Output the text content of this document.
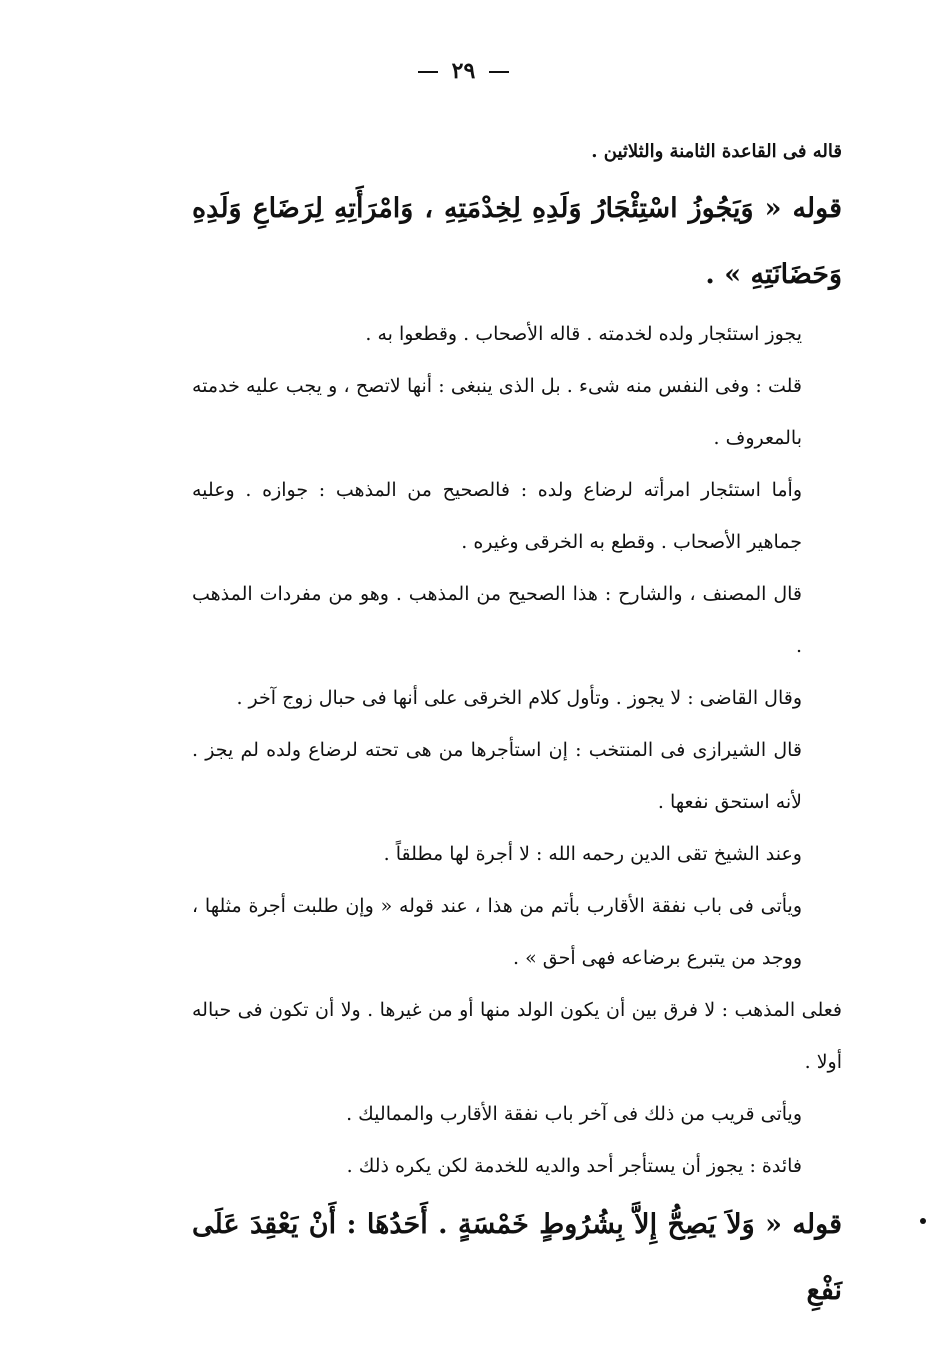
٢٩

قاله فى القاعدة الثامنة والثلاثين .

قوله « وَيَجُوزُ اسْتِئْجَارُ وَلَدِهِ لِخِدْمَتِهِ ، وَامْرَأَتِهِ لِرَضَاعِ وَلَدِهِ وَحَضَانَتِهِ » .

يجوز استئجار ولده لخدمته . قاله الأصحاب . وقطعوا به .

قلت : وفى النفس منه شىء . بل الذى ينبغى : أنها لاتصح ، و يجب عليه خدمته بالمعروف .

وأما استئجار امرأته لرضاع ولده : فالصحيح من المذهب : جوازه . وعليه جماهير الأصحاب . وقطع به الخرقى وغيره .

قال المصنف ، والشارح : هذا الصحيح من المذهب . وهو من مفردات المذهب .

وقال القاضى : لا يجوز . وتأول كلام الخرقى على أنها فى حبال زوج آخر .

قال الشيرازى فى المنتخب : إن استأجرها من هى تحته لرضاع ولده لم يجز . لأنه استحق نفعها .

وعند الشيخ تقى الدين رحمه الله : لا أجرة لها مطلقاً .

ويأتى فى باب نفقة الأقارب بأتم من هذا ، عند قوله « وإن طلبت أجرة مثلها ، ووجد من يتبرع برضاعه فهى أحق » .

فعلى المذهب : لا فرق بين أن يكون الولد منها أو من غيرها . ولا أن تكون فى حباله أولا .

ويأتى قريب من ذلك فى آخر باب نفقة الأقارب والمماليك .

فائدة : يجوز أن يستأجر أحد والديه للخدمة لكن يكره ذلك .

قوله « وَلاَ يَصِحُّ إِلاَّ بِشُرُوطٍ خَمْسَةٍ . أَحَدُهَا : أَنْ يَعْقِدَ عَلَى نَفْعِ
